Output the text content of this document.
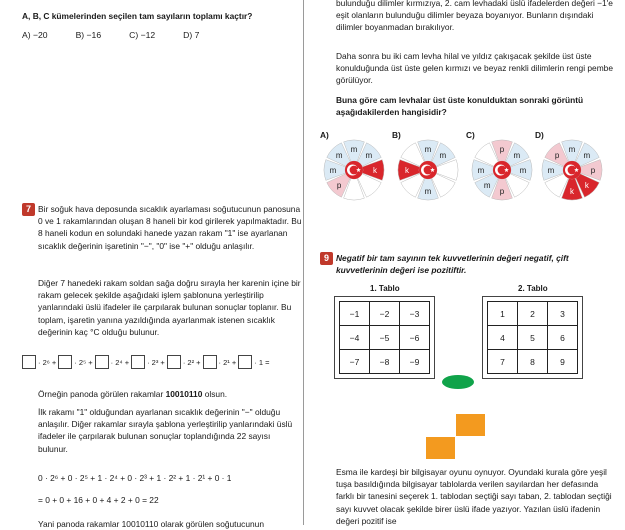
A, B, C kümelerinden seçilen tam sayıların toplamı kaçtır?

A) −20	B) −16	C) −12	D) 7
7 Bir soğuk hava deposunda sıcaklık ayarlaması soğutucunun panosuna 0 ve 1 rakamlarından oluşan 8 haneli bir kod girilerek yapılmaktadır. Bu 8 haneli kodun en solundaki hanede yazan rakam "1" ise ayarlanan sıcaklık değerinin işaretinin "−", "0" ise "+" olduğu anlaşılır.

Diğer 7 hanedeki rakam soldan sağa doğru sırayla her karenin içine bir rakam gelecek şekilde aşağıdaki işlem şablonuna yerleştirilip yanlarındaki üslü ifadeler ile çarpılarak bulunan sonuçlar toplanır. Bu toplam, işaretin yanına yazıldığında ayarlanmak istenen sıcaklık değerinin kaç °C olduğu bulunur.

· 2⁶ + · 2⁵ + · 2⁴ + · 2³ + · 2² + · 2¹ + · 1 =

Örneğin panoda görülen rakamlar 10010110 olsun.

İlk rakamı "1" olduğundan ayarlanan sıcaklık değerinin "−" olduğu anlaşılır. Diğer rakamlar sırayla şablona yerleştirilip yanlarındaki üslü ifadeler ile çarpılarak bulunan sonuçlar toplandığında 22 sayısı bulunur.

0 · 2⁶ + 0 · 2⁵ + 1 · 2⁴ + 0 · 2³ + 1 · 2² + 1 · 2¹ + 0 · 1

= 0 + 0 + 16 + 0 + 4 + 2 + 0 = 22

Yani panoda rakamlar 10010110 olarak görülen soğutucunun

bulunduğu dilimler kırmızıya, 2. cam levhadaki üslü ifadelerden değeri −1'e eşit olanların bulunduğu dilimler beyaza boyanıyor. Bunların dışındaki dilimler boyanmadan bırakılıyor.

Daha sonra bu iki cam levha hilal ve yıldız çakışacak şekilde üst üste konulduğunda üst üste gelen kırmızı ve beyaz renkli dilimlerin rengi pembe görülüyor.

Buna göre cam levhalar üst üste konulduktan sonraki görüntü aşağıdakilerden hangisidir?

A)	B)	C)	D)
m
m
k
p
m
m
m
m
m
k
p
m
m
p
m
m
m
m
p
k
k
m
p
9 Negatif bir tam sayının tek kuvvetlerinin değeri negatif, çift kuvvetlerinin değeri ise pozitiftir.

1. Tablo	2. Tablo
−1	−2	−3
−4	−5	−6
−7	−8	−9
1	2	3
4	5	6
7	8	9

Esma ile kardeşi bir bilgisayar oyunu oynuyor. Oyundaki kurala göre yeşil tuşa basıldığında bilgisayar tablolarda verilen sayılardan her defasında farklı bir tanesini seçerek 1. tablodan seçtiği sayı taban, 2. tablodan seçtiği sayı kuvvet olacak şekilde birer üslü ifade yazıyor. Yazılan üslü ifadenin değeri pozitif ise
